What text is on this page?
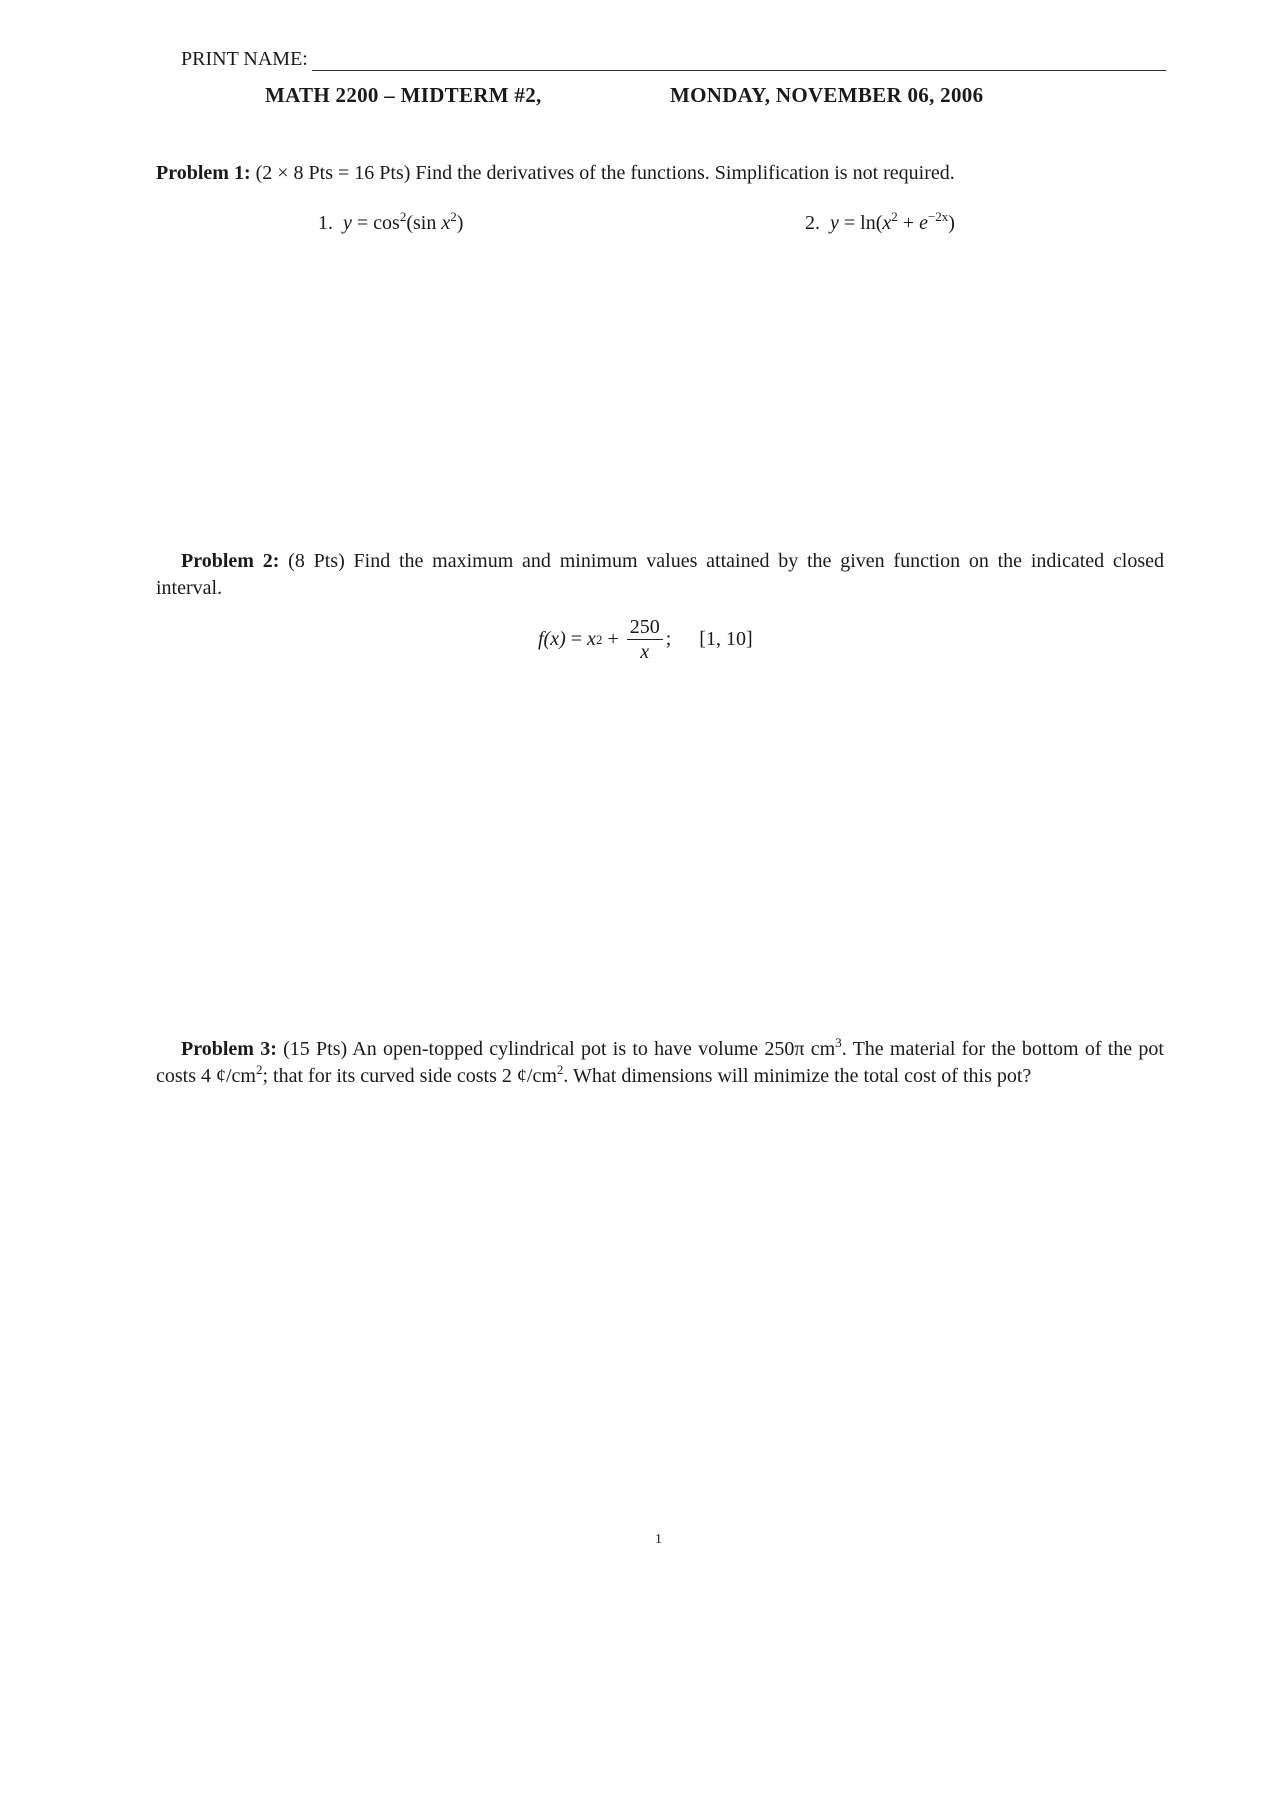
PRINT NAME:
MATH 2200 – MIDTERM #2,	MONDAY, NOVEMBER 06, 2006
Problem 1: (2 × 8 Pts = 16 Pts) Find the derivatives of the functions. Simplification is not required.
1. $y = \cos^2(\sin$ $x^2$)	2. $y = \ln(x^2 + e^{-2x})$
Problem 2: (8 Pts) Find the maximum and minimum values attained by the given function on the indicated closed interval.
f(x) = x $2 + \frac{250}{x}$ ; [1, 10]
Problem 3: (15 Pts) An open-topped cylindrical pot is to have volume 250π $cm^3$. The material for the bottom of the pot costs 4 $¢/cm^2$; that for its curved side costs 2 $¢/cm^2$. What dimensions will minimize the total cost of this pot?
1
